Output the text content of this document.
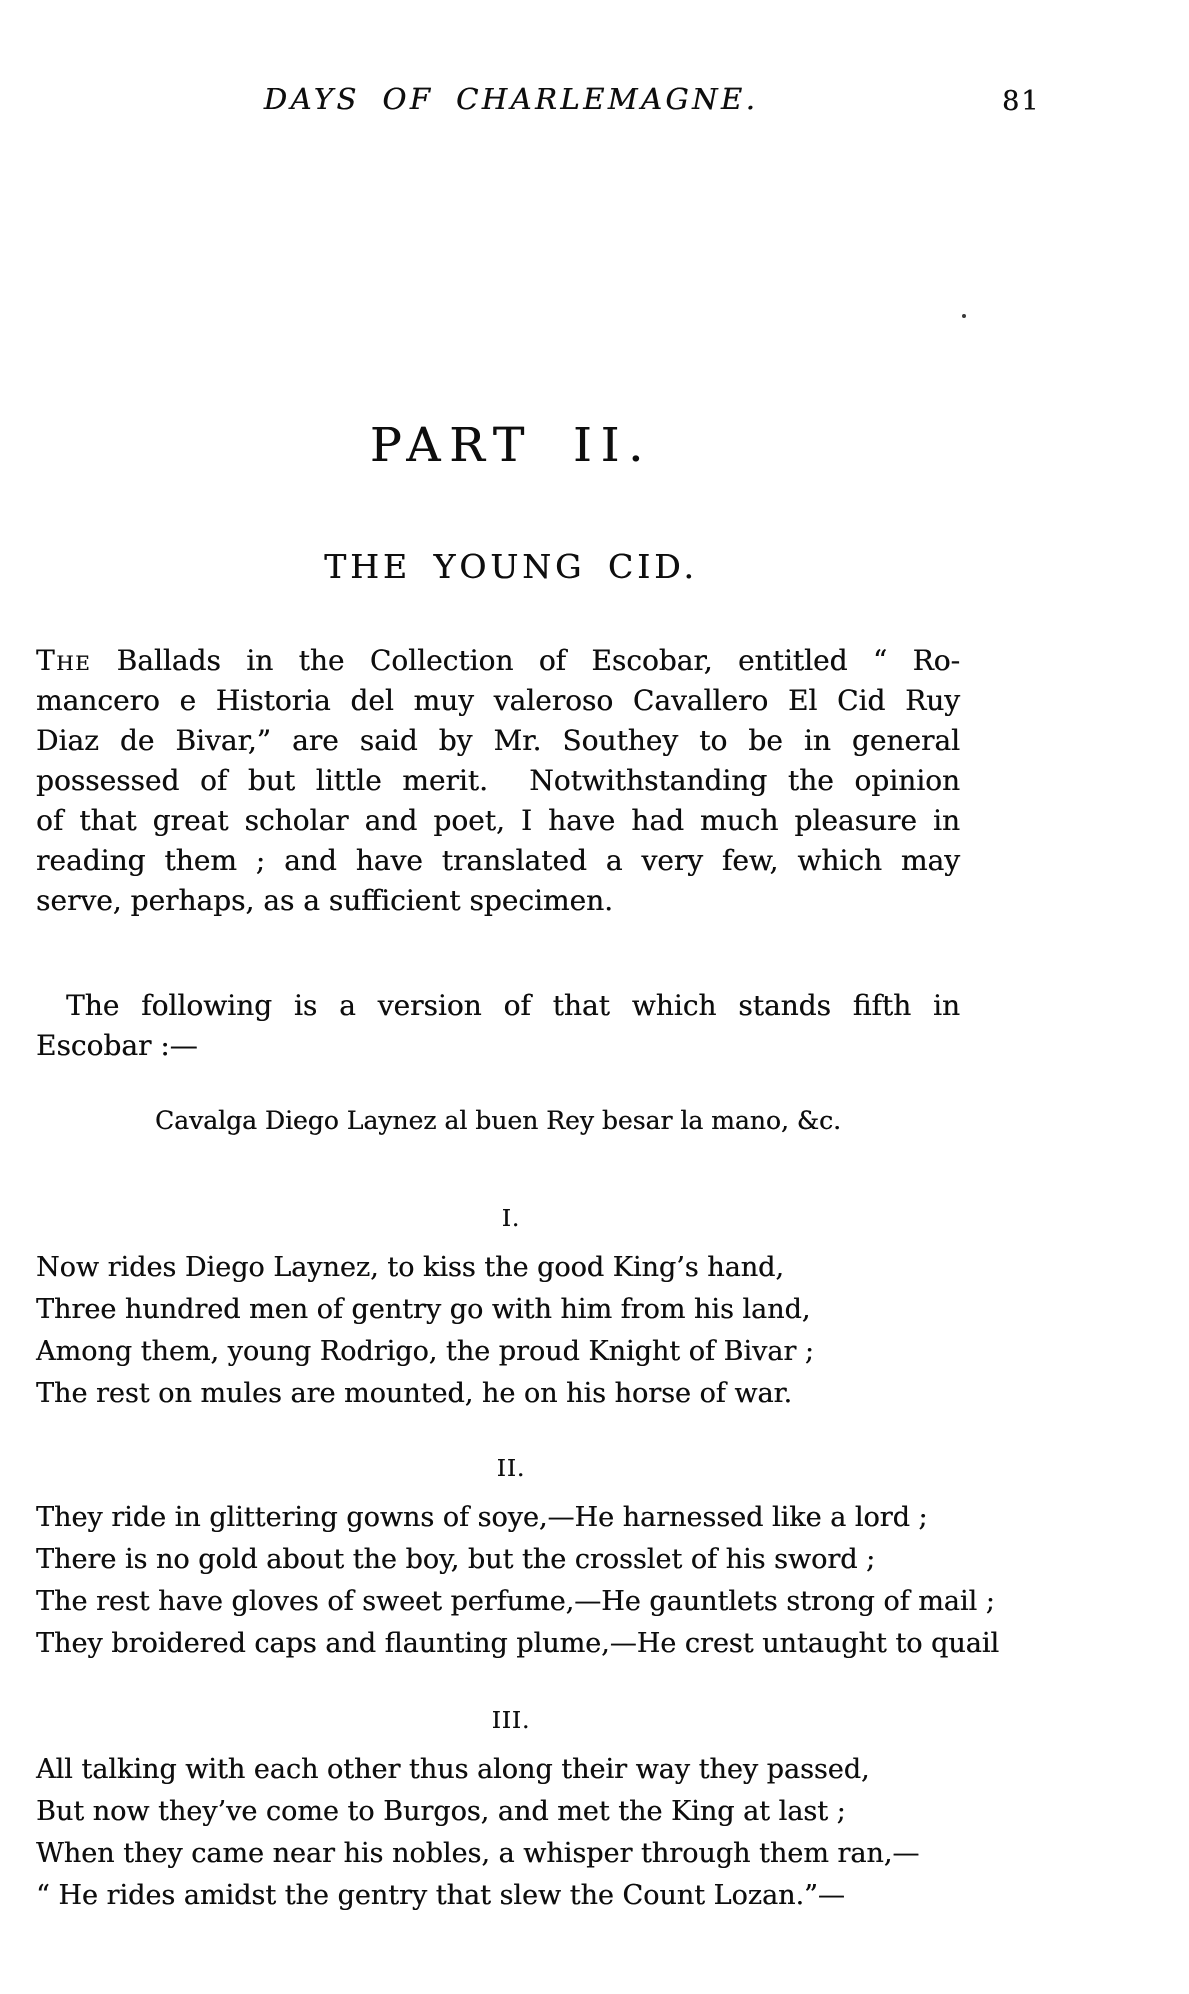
DAYS OF CHARLEMAGNE.	81
PART II.
THE YOUNG CID.
The Ballads in the Collection of Escobar, entitled “ Ro-
mancero e Historia del muy valeroso Cavallero El Cid Ruy
Diaz de Bivar,” are said by Mr. Southey to be in general
possessed of but little merit.  Notwithstanding the opinion
of that great scholar and poet, I have had much pleasure in
reading them ; and have translated a very few, which may
serve, perhaps, as a sufficient specimen.
The following is a version of that which stands fifth in
Escobar :—
Cavalga Diego Laynez al buen Rey besar la mano, &c.
I.
Now rides Diego Laynez, to kiss the good King’s hand,
Three hundred men of gentry go with him from his land,
Among them, young Rodrigo, the proud Knight of Bivar ;
The rest on mules are mounted, he on his horse of war.
II.
They ride in glittering gowns of soye,—He harnessed like a lord ;
There is no gold about the boy, but the crosslet of his sword ;
The rest have gloves of sweet perfume,—He gauntlets strong of mail ;
They broidered caps and flaunting plume,—He crest untaught to quail
III.
All talking with each other thus along their way they passed,
But now they’ve come to Burgos, and met the King at last ;
When they came near his nobles, a whisper through them ran,—
“ He rides amidst the gentry that slew the Count Lozan.”—
